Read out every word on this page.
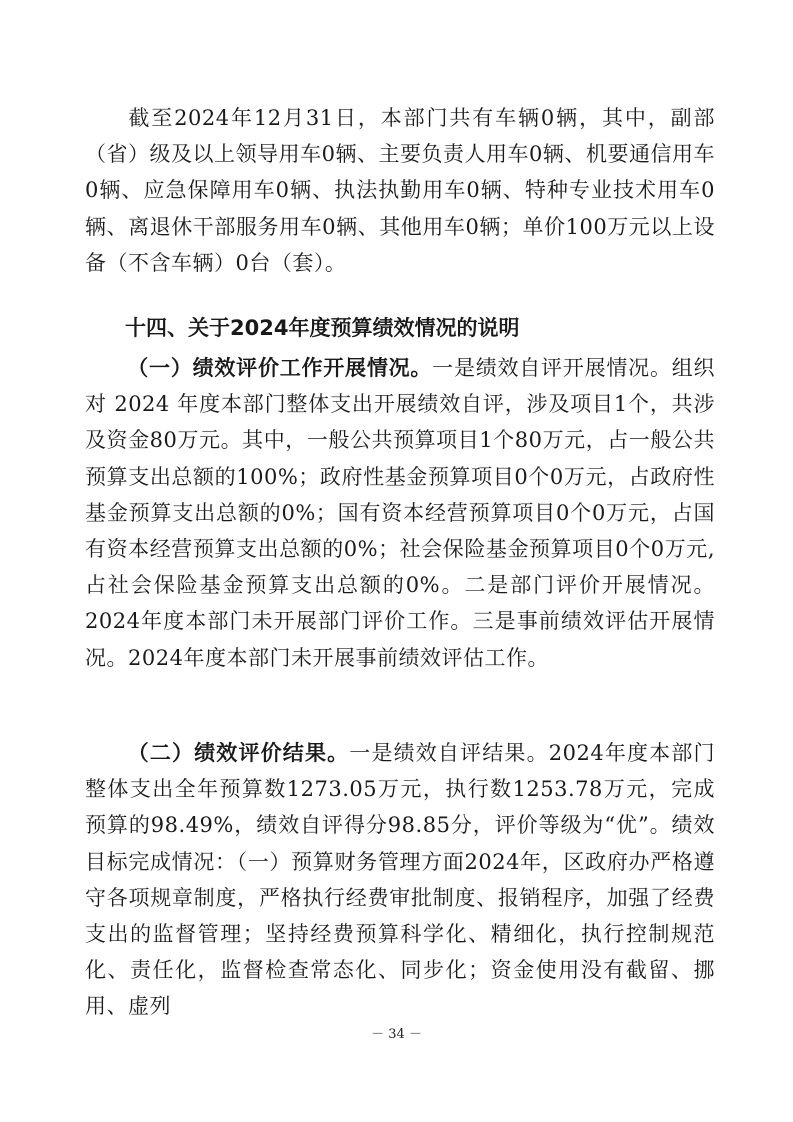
截至2024年12月31日，本部门共有车辆0辆，其中，副部（省）级及以上领导用车0辆、主要负责人用车0辆、机要通信用车0辆、应急保障用车0辆、执法执勤用车0辆、特种专业技术用车0辆、离退休干部服务用车0辆、其他用车0辆；单价100万元以上设备（不含车辆）0台（套）。

十四、关于2024年度预算绩效情况的说明

（一）绩效评价工作开展情况。一是绩效自评开展情况。组织对 2024 年度本部门整体支出开展绩效自评，涉及项目1个，共涉及资金80万元。其中，一般公共预算项目1个80万元，占一般公共预算支出总额的100%；政府性基金预算项目0个0万元，占政府性基金预算支出总额的0%；国有资本经营预算项目0个0万元，占国有资本经营预算支出总额的0%；社会保险基金预算项目0个0万元,占社会保险基金预算支出总额的0%。二是部门评价开展情况。2024年度本部门未开展部门评价工作。三是事前绩效评估开展情况。2024年度本部门未开展事前绩效评估工作。

（二）绩效评价结果。一是绩效自评结果。2024年度本部门整体支出全年预算数1273.05万元，执行数1253.78万元，完成预算的98.49%，绩效自评得分98.85分，评价等级为“优”。绩效目标完成情况：（一）预算财务管理方面2024年，区政府办严格遵守各项规章制度，严格执行经费审批制度、报销程序，加强了经费支出的监督管理；坚持经费预算科学化、精细化，执行控制规范化、责任化，监督检查常态化、同步化；资金使用没有截留、挪用、虚列

－ 34 －
